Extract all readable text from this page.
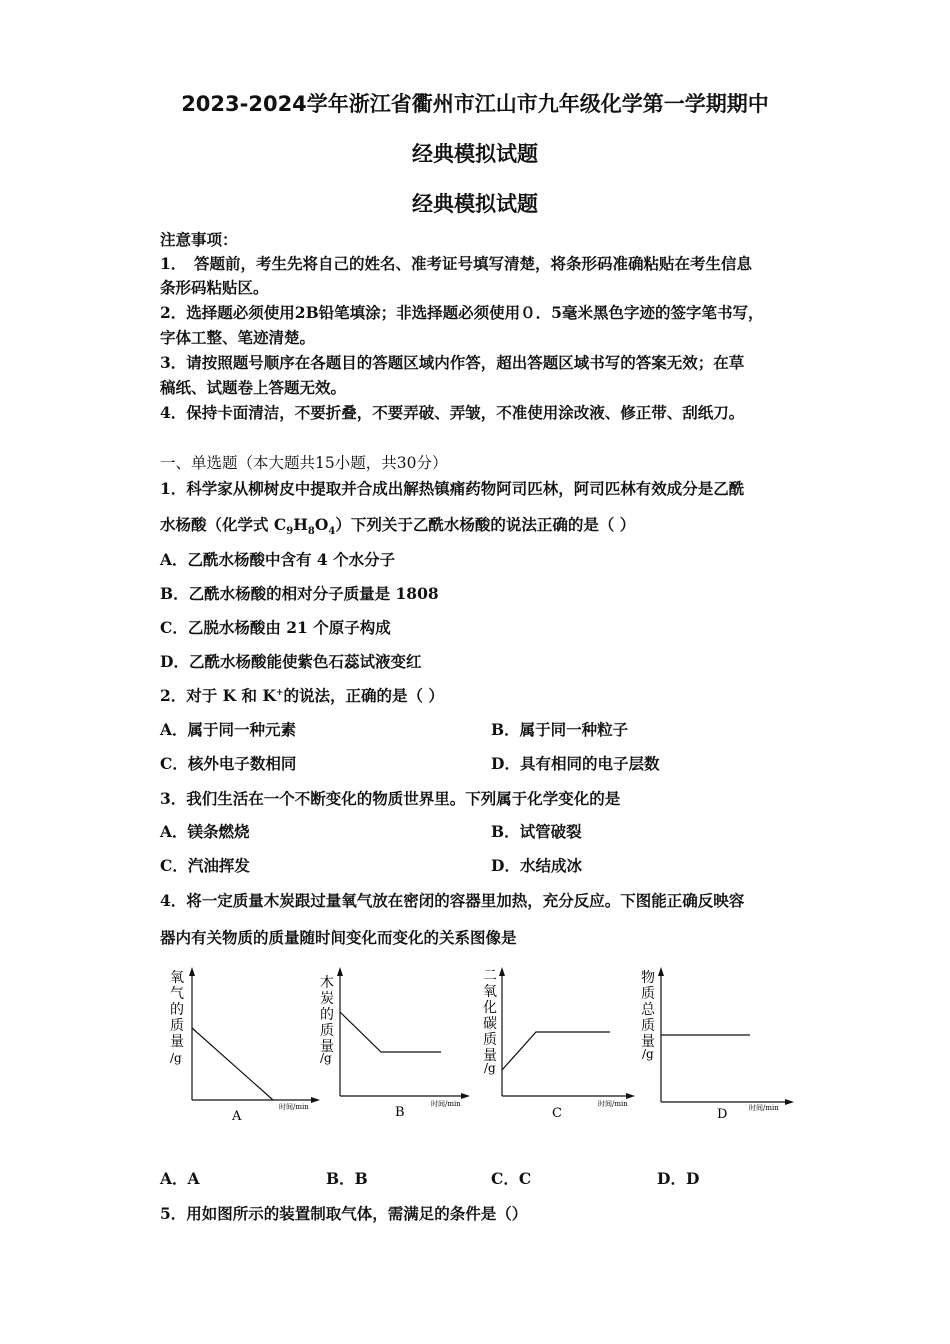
2023-2024学年浙江省衢州市江山市九年级化学第一学期期中
经典模拟试题
经典模拟试题
注意事项：
1．　答题前，考生先将自己的姓名、准考证号填写清楚，将条形码准确粘贴在考生信息
条形码粘贴区。
2．选择题必须使用2B铅笔填涂；非选择题必须使用０．5毫米黑色字迹的签字笔书写，
字体工整、笔迹清楚。
3．请按照题号顺序在各题目的答题区域内作答，超出答题区域书写的答案无效；在草
稿纸、试题卷上答题无效。
4．保持卡面清洁，不要折叠，不要弄破、弄皱，不准使用涂改液、修正带、刮纸刀。
一、单选题（本大题共15小题，共30分）
1．科学家从柳树皮中提取并合成出解热镇痛药物阿司匹林，阿司匹林有效成分是乙酰
水杨酸（化学式 $C_9H_8O_4$）下列关于乙酰水杨酸的说法正确的是（ ）
A．乙酰水杨酸中含有 4 个水分子
B．乙酰水杨酸的相对分子质量是 1808
C．乙脱水杨酸由 21 个原子构成
D．乙酰水杨酸能使紫色石蕊试液变红
2．对于 K 和 K+的说法，正确的是（ ）
A．属于同一种元素	B．属于同一种粒子
C．核外电子数相同	D．具有相同的电子层数
3．我们生活在一个不断变化的物质世界里。下列属于化学变化的是
A．镁条燃烧	B．试管破裂
C．汽油挥发	D．水结成冰
4．将一定质量木炭跟过量氧气放在密闭的容器里加热，充分反应。下图能正确反映容
器内有关物质的质量随时间变化而变化的关系图像是
氧
气
的
质
量
/g
时间/min
A
木
炭
的
质
量
/g
时间/min
B
二
氧
化
碳
质
量
/g
时间/min
C
物
质
总
质
量
/g
时间/min
D
A．A	B．B	C．C	D．D
5．用如图所示的装置制取气体，需满足的条件是（）
